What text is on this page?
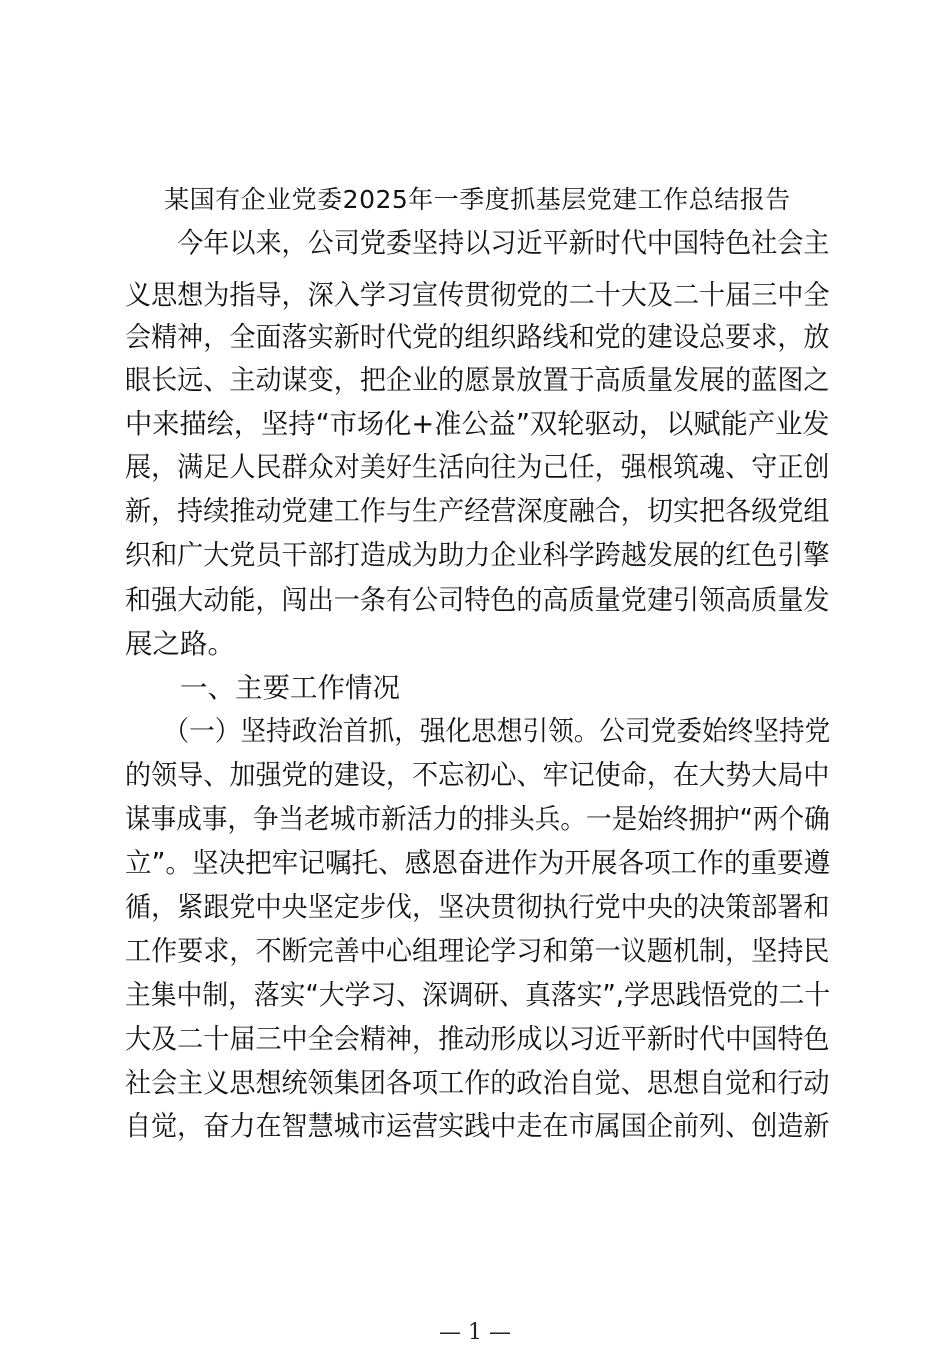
某国有企业党委2025年一季度抓基层党建工作总结报告
　　今年以来，公司党委坚持以习近平新时代中国特色社会主
义思想为指导，深入学习宣传贯彻党的二十大及二十届三中全
会精神，全面落实新时代党的组织路线和党的建设总要求，放
眼长远、主动谋变，把企业的愿景放置于高质量发展的蓝图之
中来描绘，坚持“市场化+准公益”双轮驱动，以赋能产业发
展，满足人民群众对美好生活向往为己任，强根筑魂、守正创
新，持续推动党建工作与生产经营深度融合，切实把各级党组
织和广大党员干部打造成为助力企业科学跨越发展的红色引擎
和强大动能，闯出一条有公司特色的高质量党建引领高质量发
展之路。
　　一、主要工作情况
　　（一）坚持政治首抓，强化思想引领。公司党委始终坚持党
的领导、加强党的建设，不忘初心、牢记使命，在大势大局中
谋事成事，争当老城市新活力的排头兵。一是始终拥护“两个确
立”。坚决把牢记嘱托、感恩奋进作为开展各项工作的重要遵
循，紧跟党中央坚定步伐，坚决贯彻执行党中央的决策部署和
工作要求，不断完善中心组理论学习和第一议题机制，坚持民
主集中制，落实“大学习、深调研、真落实”,学思践悟党的二十
大及二十届三中全会精神，推动形成以习近平新时代中国特色
社会主义思想统领集团各项工作的政治自觉、思想自觉和行动
自觉，奋力在智慧城市运营实践中走在市属国企前列、创造新
— 1 —
